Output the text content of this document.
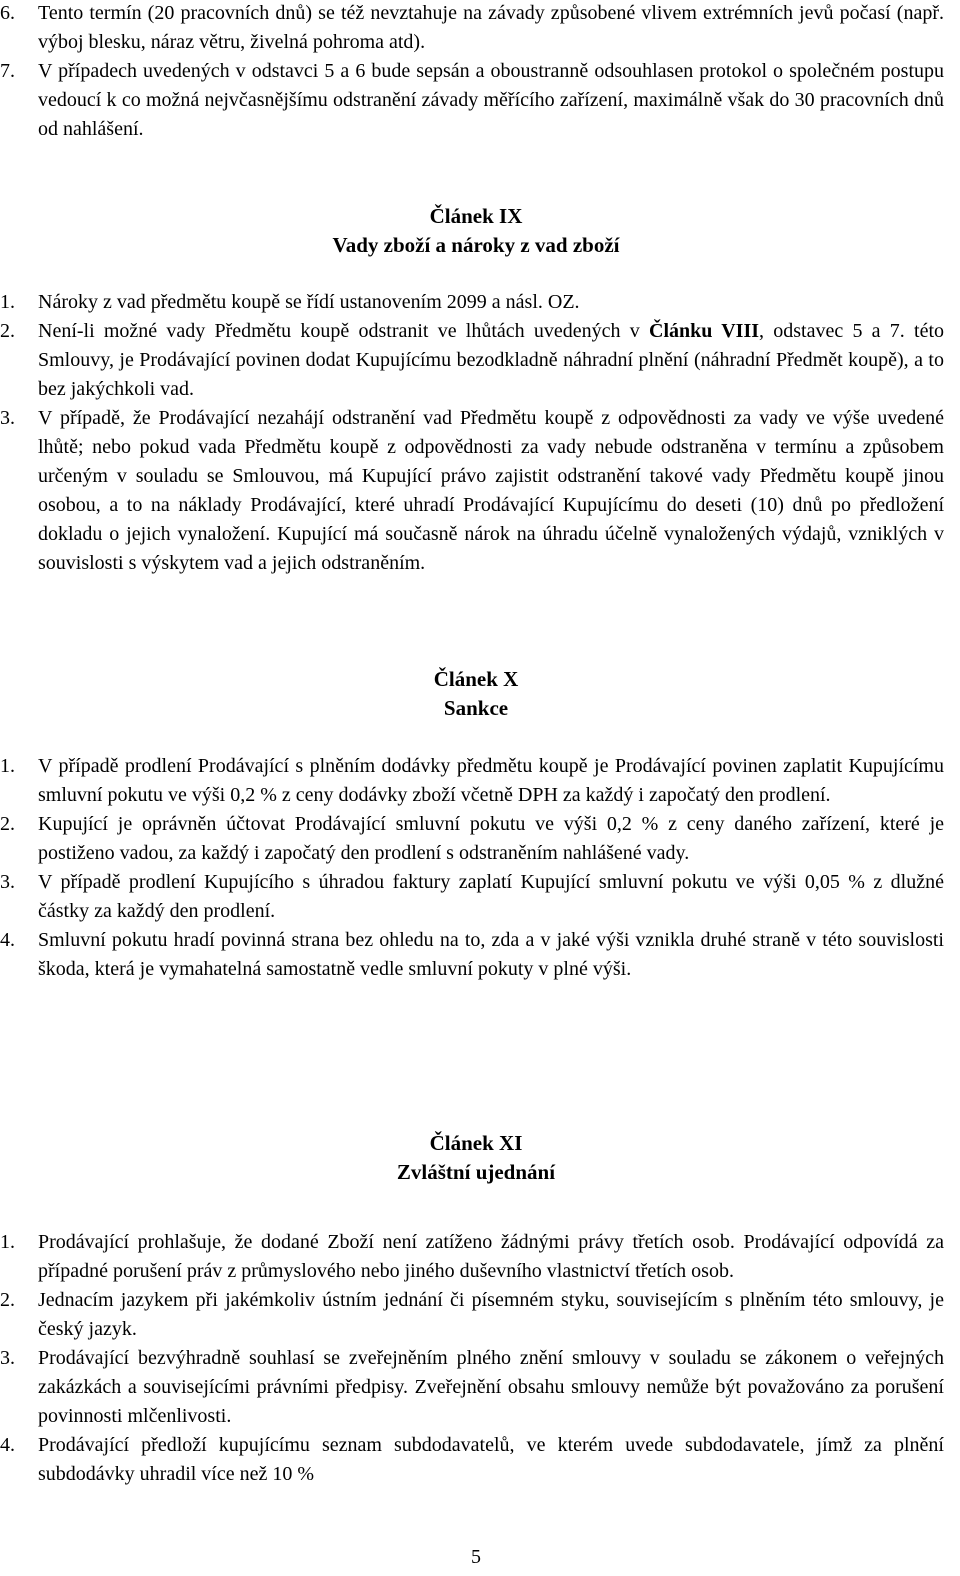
6. Tento termín (20 pracovních dnů) se též nevztahuje na závady způsobené vlivem extrémních jevů počasí (např. výboj blesku, náraz větru, živelná pohroma atd).
7. V případech uvedených v odstavci 5 a 6 bude sepsán a oboustranně odsouhlasen protokol o společném postupu vedoucí k co možná nejvčasnějšímu odstranění závady měřícího zařízení, maximálně však do 30 pracovních dnů od nahlášení.
Článek IX
Vady zboží a nároky z vad zboží
1. Nároky z vad předmětu koupě se řídí ustanovením 2099 a násl. OZ.
2. Není-li možné vady Předmětu koupě odstranit ve lhůtách uvedených v Článku VIII, odstavec 5 a 7. této Smlouvy, je Prodávající povinen dodat Kupujícímu bezodkladně náhradní plnění (náhradní Předmět koupě), a to bez jakýchkoli vad.
3. V případě, že Prodávající nezahájí odstranění vad Předmětu koupě z odpovědnosti za vady ve výše uvedené lhůtě; nebo pokud vada Předmětu koupě z odpovědnosti za vady nebude odstraněna v termínu a způsobem určeným v souladu se Smlouvou, má Kupující právo zajistit odstranění takové vady Předmětu koupě jinou osobou, a to na náklady Prodávající, které uhradí Prodávající Kupujícímu do deseti (10) dnů po předložení dokladu o jejich vynaložení. Kupující má současně nárok na úhradu účelně vynaložených výdajů, vzniklých v souvislosti s výskytem vad a jejich odstraněním.
Článek X
Sankce
1. V případě prodlení Prodávající s plněním dodávky předmětu koupě je Prodávající povinen zaplatit Kupujícímu smluvní pokutu ve výši 0,2 % z ceny dodávky zboží včetně DPH za každý i započatý den prodlení.
2. Kupující je oprávněn účtovat Prodávající smluvní pokutu ve výši 0,2 % z ceny daného zařízení, které je postiženo vadou, za každý i započatý den prodlení s odstraněním nahlášené vady.
3. V případě prodlení Kupujícího s úhradou faktury zaplatí Kupující smluvní pokutu ve výši 0,05 % z dlužné částky za každý den prodlení.
4. Smluvní pokutu hradí povinná strana bez ohledu na to, zda a v jaké výši vznikla druhé straně v této souvislosti škoda, která je vymahatelná samostatně vedle smluvní pokuty v plné výši.
Článek XI
Zvláštní ujednání
1. Prodávající prohlašuje, že dodané Zboží není zatíženo žádnými právy třetích osob. Prodávající odpovídá za případné porušení práv z průmyslového nebo jiného duševního vlastnictví třetích osob.
2. Jednacím jazykem při jakémkoliv ústním jednání či písemném styku, souvisejícím s plněním této smlouvy, je český jazyk.
3. Prodávající bezvýhradně souhlasí se zveřejněním plného znění smlouvy v souladu se zákonem o veřejných zakázkách a souvisejícími právními předpisy. Zveřejnění obsahu smlouvy nemůže být považováno za porušení povinnosti mlčenlivosti.
4. Prodávající předloží kupujícímu seznam subdodavatelů, ve kterém uvede subdodavatele, jímž za plnění subdodávky uhradil více než 10 %
5
